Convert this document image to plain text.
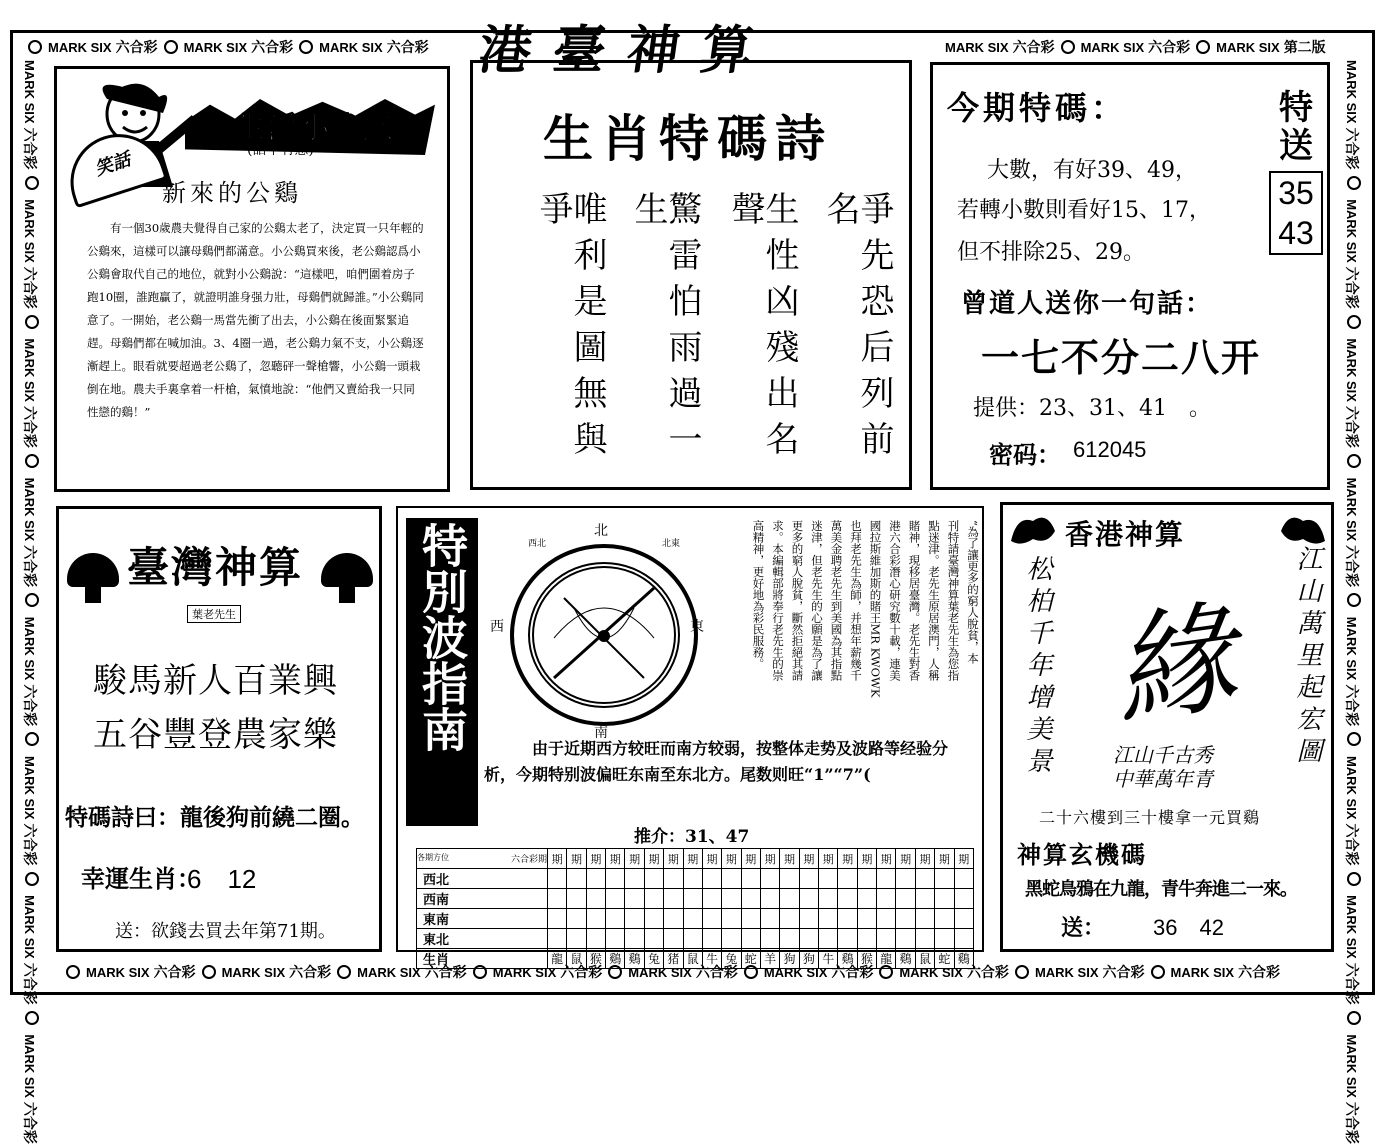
港臺神算
MARK SIX 六合彩 MARK SIX 六合彩 MARK SIX 六合彩	MARK SIX 六合彩 MARK SIX 六合彩 MARK SIX 第二版
MARK SIX 六合彩 MARK SIX 六合彩 MARK SIX 六合彩 MARK SIX 六合彩 MARK SIX 六合彩 MARK SIX 六合彩 MARK SIX 六合彩 MARK SIX 六合彩 MARK SIX 六合彩
MARK SIX六合彩 MARK SIX六合彩 MARK SIX六合彩 MARK SIX六合彩 MARK SIX六合彩 MARK SIX六合彩 MARK SIX六合彩 MARK SIX六合彩
MARK SIX六合彩 MARK SIX六合彩 MARK SIX六合彩 MARK SIX六合彩 MARK SIX六合彩 MARK SIX六合彩 MARK SIX六合彩 MARK SIX六合彩
笑話
生活小幽默
(話中有意)
新來的公鷄
有一個30歲農夫覺得自己家的公鷄太老了，決定買一只年輕的公鷄來，這樣可以讓母鷄們都滿意。小公鷄買來後，老公鷄認爲小公鷄會取代自己的地位，就對小公鷄說：“這樣吧，咱們圍着房子跑10圈，誰跑贏了，就證明誰身强力壯，母鷄們就歸誰。”小公鷄同意了。一開始，老公鷄一馬當先衝了出去，小公鷄在後面緊緊追趕。母鷄們都在喊加油。3、4圈一過，老公鷄力氣不支，小公鷄逐漸趕上。眼看就要超過老公鷄了，忽聽砰一聲槍響，小公鷄一頭栽倒在地。農夫手裏拿着一杆槍，氣憤地說：“他們又賣給我一只同性戀的鷄！”
生肖特碼詩
爭先恐后列前名
生性凶殘出名聲
驚雷怕雨過一生
唯利是圖無與爭
今期特碼：
大數，有好39、49，
若轉小數則看好15、17，
但不排除25、29。
特送
35
43
曾道人送你一句話：
一七不分二八开
提供：23、31、41　。
密码： 612045
臺灣神算
葉老先生
駿馬新人百業興
五谷豐登農家樂
特碼詩曰：龍後狗前繞二圈。
幸運生肖：
6　12
送：欲錢去買去年第71期。
特別波指南	北
南
東
西
西北	北東	“為了讓更多的窮人脫貧，本
刊特請臺灣神算葉老先生為您指
點迷津。老先生原居澳門，人稱
賭神，現移居臺灣。老先生對香
港六合彩潛心研究數十載，連美
國拉斯維加斯的賭王MR KWOWK
也拜老先生為師，并想年薪幾千
萬美金聘老先生到美國為其指點
迷津，但老先生的心願是為了讓
更多的窮人脫貧，斷然拒絕其請
求。本編輯部將奉行老先生的崇
高精神，更好地為彩民服務。
由于近期西方较旺而南方较弱，按整体走势及波路等经验分析，今期特别波偏旺东南至东北方。尾数则旺“1”“7”(
推介：31、47
各期方位 六合彩期	期	期	期	期	期	期	期	期	期	期	期	期	期	期	期	期	期	期	期	期	期	期
西北																						
西南																						
東南																						
東北																						
生肖	龍	鼠	猴	鷄	鷄	兔	猪	鼠	牛	兔	蛇	羊	狗	狗	牛	鷄	猴	龍	鷄	鼠	蛇	鷄
香港神算
松柏千年增美景	江山萬里起宏圖
緣
江山千古秀
中華萬年青
二十六樓到三十樓拿一元買鷄
神算玄機碼
黑蛇鳥鴉在九龍，青牛奔進二一來。
送： 36　42
